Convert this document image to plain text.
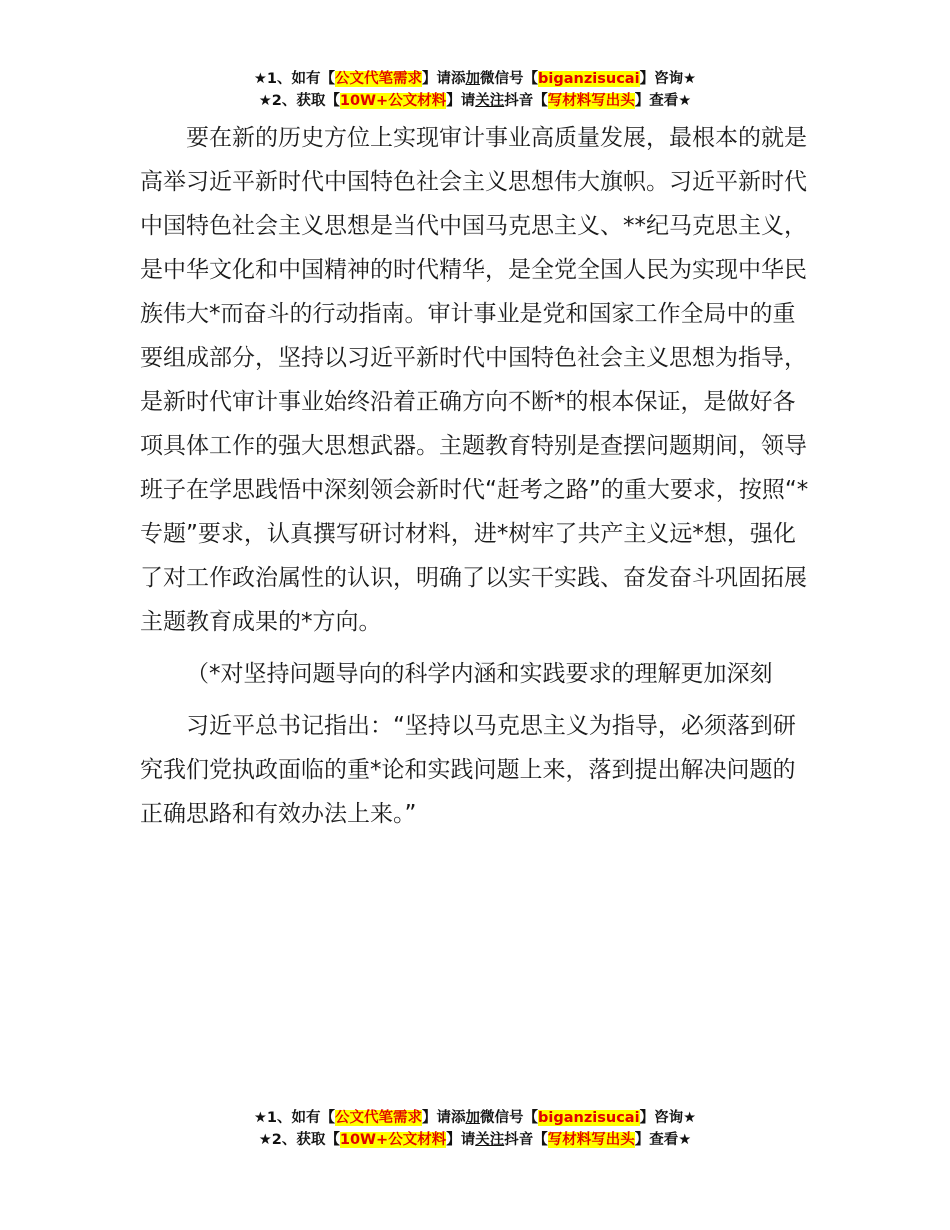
★1、如有【公文代笔需求】请添加微信号【biganzisucai】咨询★
★2、获取【10W+公文材料】请关注抖音【写材料写出头】查看★

要在新的历史方位上实现审计事业高质量发展，最根本的就是高举习近平新时代中国特色社会主义思想伟大旗帜。习近平新时代中国特色社会主义思想是当代中国马克思主义、**纪马克思主义，是中华文化和中国精神的时代精华，是全党全国人民为实现中华民族伟大*而奋斗的行动指南。审计事业是党和国家工作全局中的重要组成部分，坚持以习近平新时代中国特色社会主义思想为指导，是新时代审计事业始终沿着正确方向不断*的根本保证，是做好各项具体工作的强大思想武器。主题教育特别是查摆问题期间，领导班子在学思践悟中深刻领会新时代“赶考之路”的重大要求，按照“*专题”要求，认真撰写研讨材料，进*树牢了共产主义远*想，强化了对工作政治属性的认识，明确了以实干实践、奋发奋斗巩固拓展主题教育成果的*方向。

（*对坚持问题导向的科学内涵和实践要求的理解更加深刻

习近平总书记指出：“坚持以马克思主义为指导，必须落到研究我们党执政面临的重*论和实践问题上来，落到提出解决问题的正确思路和有效办法上来。”

★1、如有【公文代笔需求】请添加微信号【biganzisucai】咨询★
★2、获取【10W+公文材料】请关注抖音【写材料写出头】查看★
